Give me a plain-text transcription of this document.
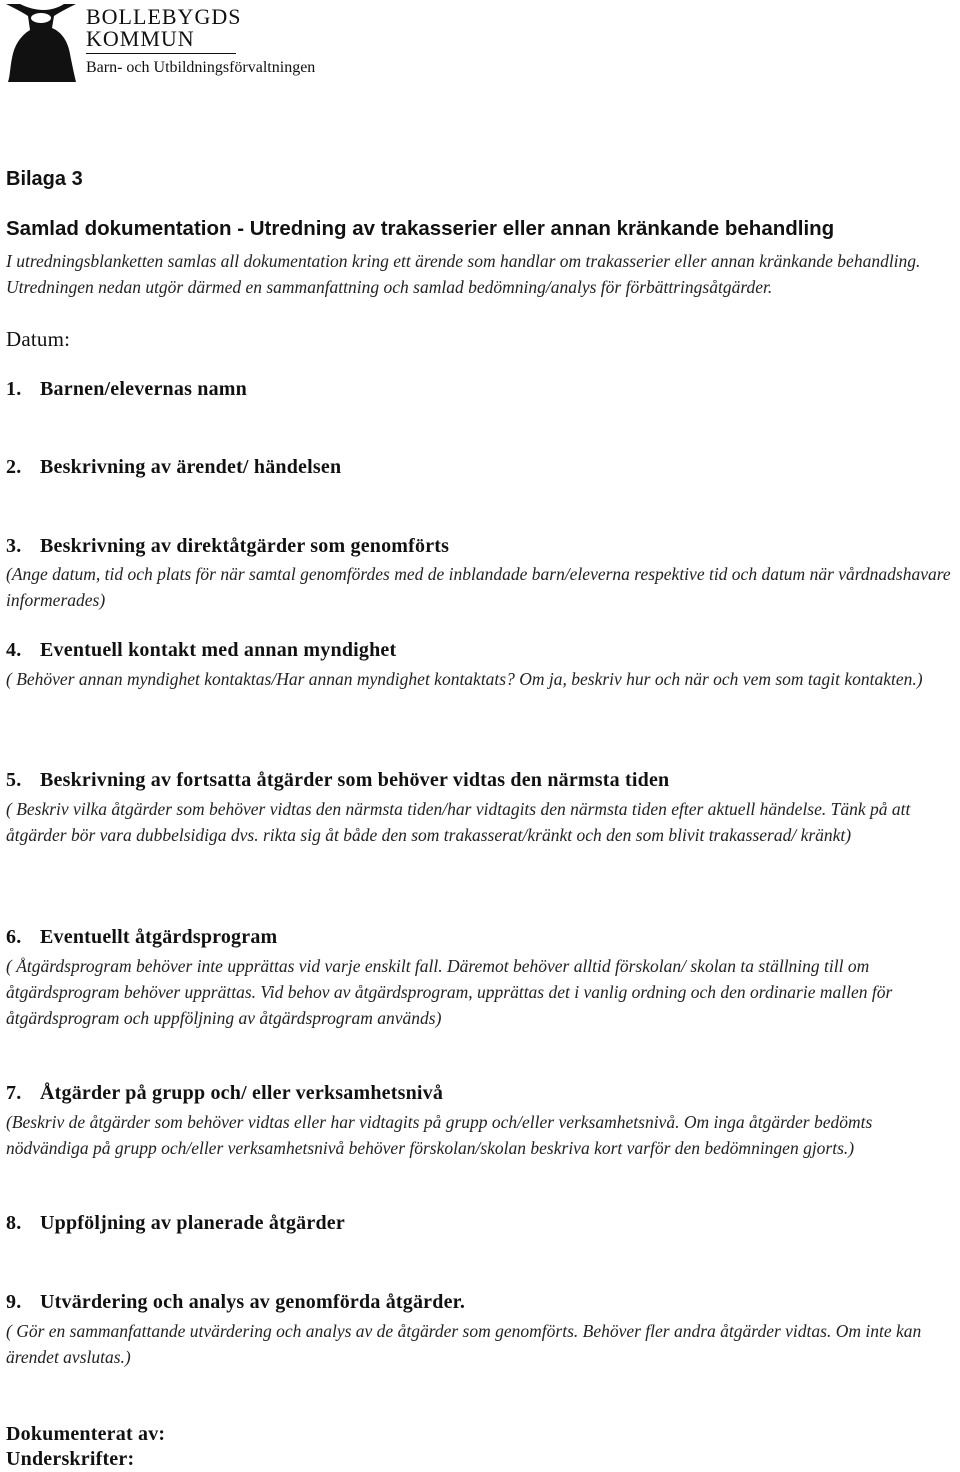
BOLLEBYGDS
KOMMUN
Barn- och Utbildningsförvaltningen
Bilaga 3
Samlad dokumentation - Utredning av trakasserier eller annan kränkande behandling
I utredningsblanketten samlas all dokumentation kring ett ärende som handlar om trakasserier eller annan kränkande behandling. Utredningen nedan utgör därmed en sammanfattning och samlad bedömning/analys för förbättringsåtgärder.
Datum:
1. Barnen/elevernas namn
2. Beskrivning av ärendet/ händelsen
3. Beskrivning av direktåtgärder som genomförts
(Ange datum, tid och plats för när samtal genomfördes med de inblandade barn/eleverna respektive tid och datum när vårdnadshavare informerades)
4. Eventuell kontakt med annan myndighet
( Behöver annan myndighet kontaktas/Har annan myndighet kontaktats? Om ja, beskriv hur och när och vem som tagit kontakten.)
5. Beskrivning av fortsatta åtgärder som behöver vidtas den närmsta tiden
( Beskriv vilka åtgärder som behöver vidtas den närmsta tiden/har vidtagits den närmsta tiden efter aktuell händelse. Tänk på att åtgärder bör vara dubbelsidiga dvs. rikta sig åt både den som trakasserat/kränkt och den som blivit trakasserad/ kränkt)
6. Eventuellt åtgärdsprogram
( Åtgärdsprogram behöver inte upprättas vid varje enskilt fall. Däremot behöver alltid förskolan/ skolan ta ställning till om åtgärdsprogram behöver upprättas. Vid behov av åtgärdsprogram, upprättas det i vanlig ordning och den ordinarie mallen för åtgärdsprogram och uppföljning av åtgärdsprogram används)
7. Åtgärder på grupp och/ eller verksamhetsnivå
(Beskriv de åtgärder som behöver vidtas eller har vidtagits på grupp och/eller verksamhetsnivå. Om inga åtgärder bedömts nödvändiga på grupp och/eller verksamhetsnivå behöver förskolan/skolan beskriva kort varför den bedömningen gjorts.)
8. Uppföljning av planerade åtgärder
9. Utvärdering och analys av genomförda åtgärder.
( Gör en sammanfattande utvärdering och analys av de åtgärder som genomförts. Behöver fler andra åtgärder vidtas. Om inte kan ärendet avslutas.)
Dokumenterat av:
Underskrifter:
